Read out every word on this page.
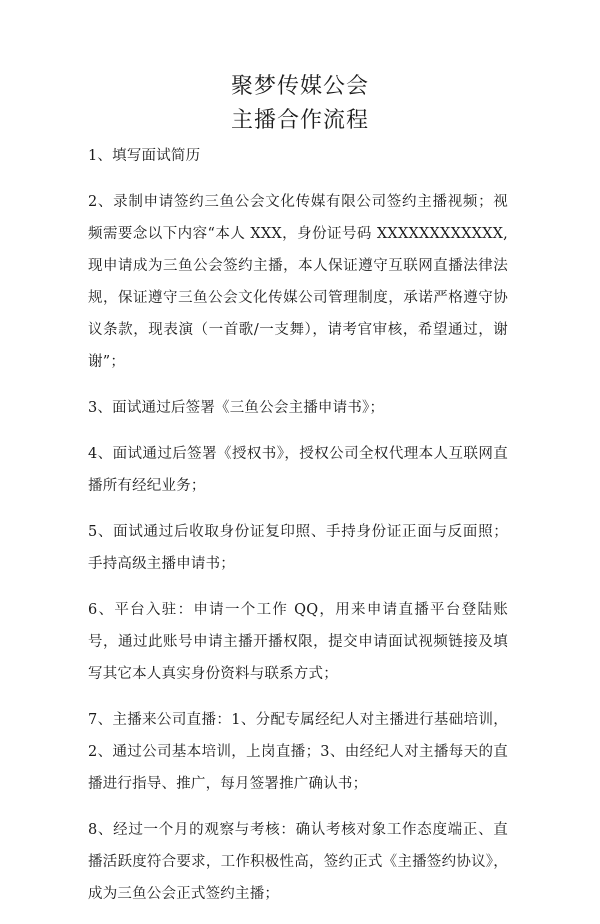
聚梦传媒公会
主播合作流程

1、填写面试简历

2、录制申请签约三鱼公会文化传媒有限公司签约主播视频；视频需要念以下内容“本人 XXX，身份证号码 XXXXXXXXXXXX,现申请成为三鱼公会签约主播，本人保证遵守互联网直播法律法规，保证遵守三鱼公会文化传媒公司管理制度，承诺严格遵守协议条款，现表演（一首歌/一支舞），请考官审核，希望通过，谢谢”；

3、面试通过后签署《三鱼公会主播申请书》；

4、面试通过后签署《授权书》，授权公司全权代理本人互联网直播所有经纪业务；

5、面试通过后收取身份证复印照、手持身份证正面与反面照；手持高级主播申请书；

6、平台入驻：申请一个工作 QQ，用来申请直播平台登陆账号，通过此账号申请主播开播权限，提交申请面试视频链接及填写其它本人真实身份资料与联系方式；

7、主播来公司直播：1、分配专属经纪人对主播进行基础培训，2、通过公司基本培训，上岗直播；3、由经纪人对主播每天的直播进行指导、推广，每月签署推广确认书；

8、经过一个月的观察与考核：确认考核对象工作态度端正、直播活跃度符合要求，工作积极性高，签约正式《主播签约协议》，成为三鱼公会正式签约主播；
